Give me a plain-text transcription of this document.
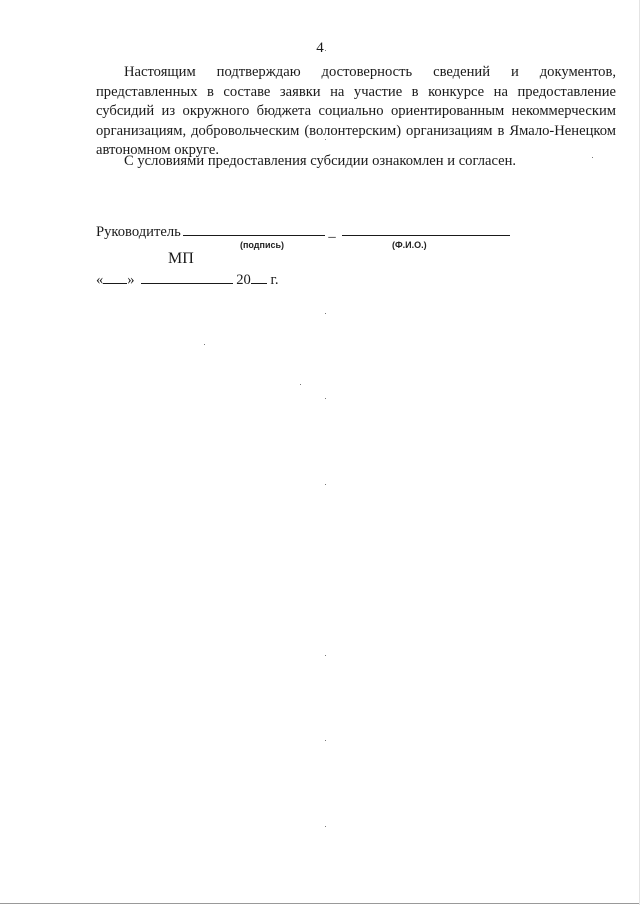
4

Настоящим подтверждаю достоверность сведений и документов, представленных в составе заявки на участие в конкурсе на предоставление субсидий из окружного бюджета социально ориентированным некоммерческим организациям, добровольческим (волонтерским) организациям в Ямало-Ненецком автономном округе.

С условиями предоставления субсидии ознакомлен и согласен.

Руководитель	_
(подпись)	(Ф.И.О.)
МП
« »	20 г.
